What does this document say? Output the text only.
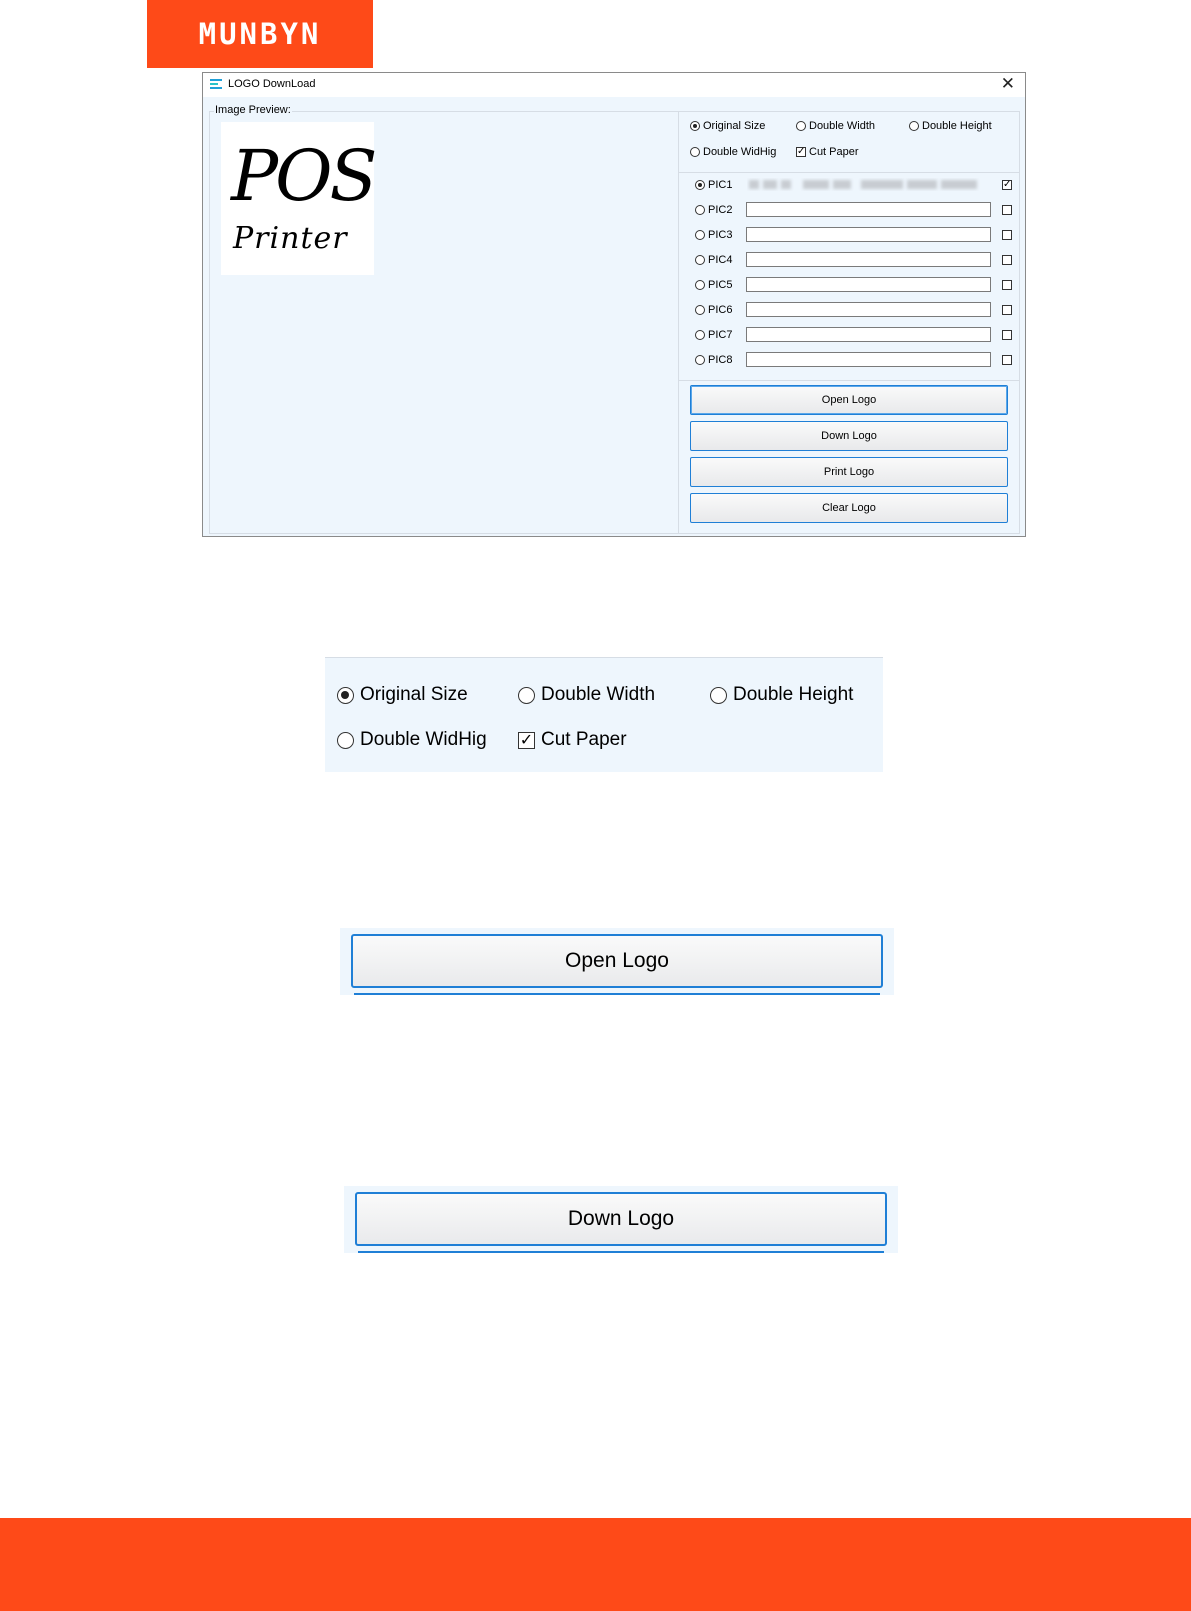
MUNBYN
LOGO DownLoad	✕
Image Preview:
POS
Printer
Original Size	Double Width	Double Height
Double WidHig ✓ Cut Paper
PIC1	✓
PIC2
PIC3
PIC4
PIC5
PIC6
PIC7
PIC8
Open Logo
Down Logo
Print Logo
Clear Logo
Original Size	Double Width	Double Height
Double WidHig ✓ Cut Paper
Open Logo
Down Logo
